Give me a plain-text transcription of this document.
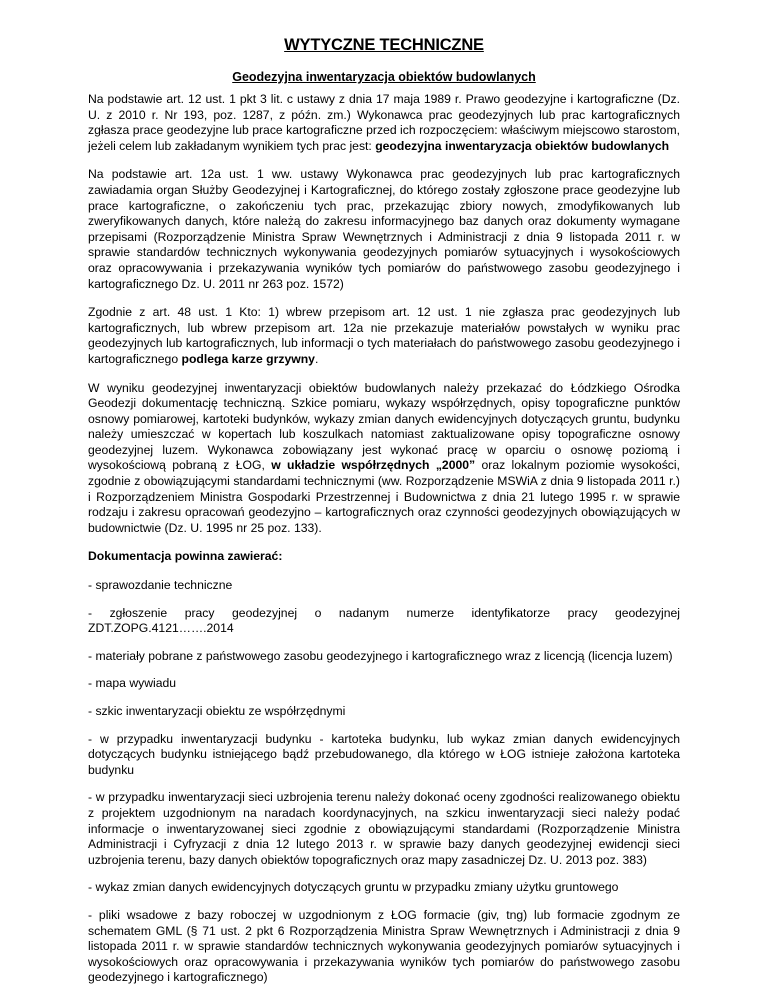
WYTYCZNE TECHNICZNE
Geodezyjna inwentaryzacja obiektów budowlanych

Na podstawie art. 12 ust. 1 pkt 3 lit. c ustawy z dnia 17 maja 1989 r. Prawo geodezyjne i kartograficzne (Dz. U. z 2010 r. Nr 193, poz. 1287, z późn. zm.) Wykonawca prac geodezyjnych lub prac kartograficznych zgłasza prace geodezyjne lub prace kartograficzne przed ich rozpoczęciem: właściwym miejscowo starostom, jeżeli celem lub zakładanym wynikiem tych prac jest: geodezyjna inwentaryzacja obiektów budowlanych

Na podstawie art. 12a ust. 1 ww. ustawy Wykonawca prac geodezyjnych lub prac kartograficznych zawiadamia organ Służby Geodezyjnej i Kartograficznej, do którego zostały zgłoszone prace geodezyjne lub prace kartograficzne, o zakończeniu tych prac, przekazując zbiory nowych, zmodyfikowanych lub zweryfikowanych danych, które należą do zakresu informacyjnego baz danych oraz dokumenty wymagane przepisami (Rozporządzenie Ministra Spraw Wewnętrznych i Administracji z dnia 9 listopada 2011 r. w sprawie standardów technicznych wykonywania geodezyjnych pomiarów sytuacyjnych i wysokościowych oraz opracowywania i przekazywania wyników tych pomiarów do państwowego zasobu geodezyjnego i kartograficznego Dz. U. 2011 nr 263 poz. 1572)

Zgodnie z art. 48 ust. 1 Kto: 1) wbrew przepisom art. 12 ust. 1 nie zgłasza prac geodezyjnych lub kartograficznych, lub wbrew przepisom art. 12a nie przekazuje materiałów powstałych w wyniku prac geodezyjnych lub kartograficznych, lub informacji o tych materiałach do państwowego zasobu geodezyjnego i kartograficznego podlega karze grzywny.

W wyniku geodezyjnej inwentaryzacji obiektów budowlanych należy przekazać do Łódzkiego Ośrodka Geodezji dokumentację techniczną. Szkice pomiaru, wykazy współrzędnych, opisy topograficzne punktów osnowy pomiarowej, kartoteki budynków, wykazy zmian danych ewidencyjnych dotyczących gruntu, budynku należy umieszczać w kopertach lub koszulkach natomiast zaktualizowane opisy topograficzne osnowy geodezyjnej luzem. Wykonawca zobowiązany jest wykonać pracę w oparciu o osnowę poziomą i wysokościową pobraną z ŁOG, w układzie współrzędnych „2000” oraz lokalnym poziomie wysokości, zgodnie z obowiązującymi standardami technicznymi (ww. Rozporządzenie MSWiA z dnia 9 listopada 2011 r.) i Rozporządzeniem Ministra Gospodarki Przestrzennej i Budownictwa z dnia 21 lutego 1995 r. w sprawie rodzaju i zakresu opracowań geodezyjno – kartograficznych oraz czynności geodezyjnych obowiązujących w budownictwie (Dz. U. 1995 nr 25 poz. 133).

Dokumentacja powinna zawierać:

- sprawozdanie techniczne

- zgłoszenie pracy geodezyjnej o nadanym numerze identyfikatorze pracy geodezyjnej ZDT.ZOPG.4121…….2014

- materiały pobrane z państwowego zasobu geodezyjnego i kartograficznego wraz z licencją (licencja luzem)

- mapa wywiadu

- szkic inwentaryzacji obiektu ze współrzędnymi

- w przypadku inwentaryzacji budynku - kartoteka budynku, lub wykaz zmian danych ewidencyjnych dotyczących budynku istniejącego bądź przebudowanego, dla którego w ŁOG istnieje założona kartoteka budynku

- w przypadku inwentaryzacji sieci uzbrojenia terenu należy dokonać oceny zgodności realizowanego obiektu z projektem uzgodnionym na naradach koordynacyjnych, na szkicu inwentaryzacji sieci należy podać informacje o inwentaryzowanej sieci zgodnie z obowiązującymi standardami (Rozporządzenie Ministra Administracji i Cyfryzacji z dnia 12 lutego 2013 r. w sprawie bazy danych geodezyjnej ewidencji sieci uzbrojenia terenu, bazy danych obiektów topograficznych oraz mapy zasadniczej Dz. U. 2013 poz. 383)

- wykaz zmian danych ewidencyjnych dotyczących gruntu w przypadku zmiany użytku gruntowego

- pliki wsadowe z bazy roboczej w uzgodnionym z ŁOG formacie (giv, tng) lub formacie zgodnym ze schematem GML (§ 71 ust. 2 pkt 6 Rozporządzenia Ministra Spraw Wewnętrznych i Administracji z dnia 9 listopada 2011 r. w sprawie standardów technicznych wykonywania geodezyjnych pomiarów sytuacyjnych i wysokościowych oraz opracowywania i przekazywania wyników tych pomiarów do państwowego zasobu geodezyjnego i kartograficznego)
